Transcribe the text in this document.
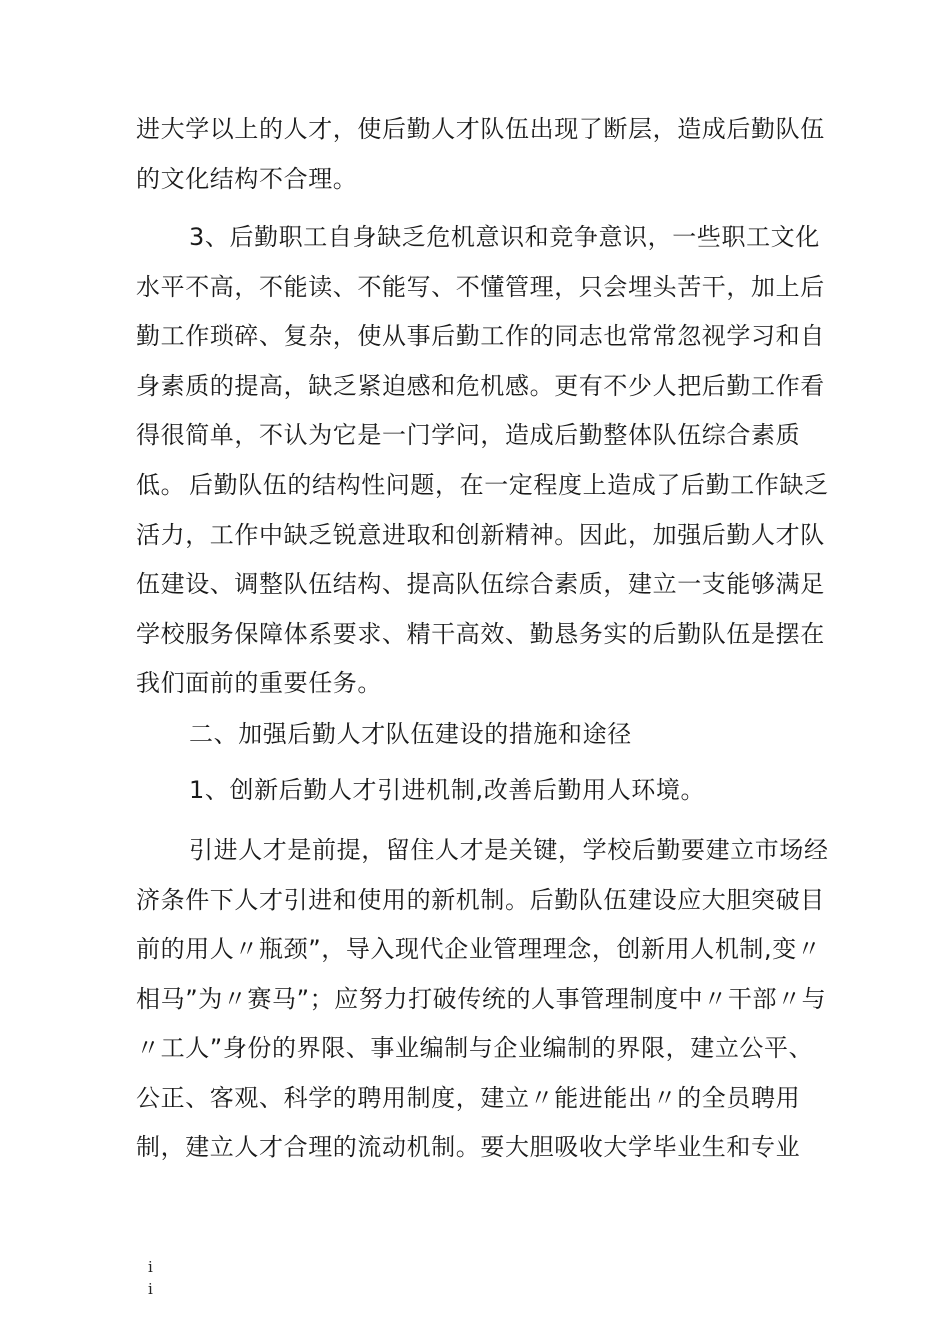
进大学以上的人才，使后勤人才队伍出现了断层，造成后勤队伍的文化结构不合理。

3、后勤职工自身缺乏危机意识和竞争意识，一些职工文化水平不高，不能读、不能写、不懂管理，只会埋头苦干，加上后勤工作琐碎、复杂，使从事后勤工作的同志也常常忽视学习和自身素质的提高，缺乏紧迫感和危机感。更有不少人把后勤工作看得很简单，不认为它是一门学问，造成后勤整体队伍综合素质低。 后勤队伍的结构性问题，在一定程度上造成了后勤工作缺乏活力，工作中缺乏锐意进取和创新精神。因此，加强后勤人才队伍建设、调整队伍结构、提高队伍综合素质，建立一支能够满足学校服务保障体系要求、精干高效、勤恳务实的后勤队伍是摆在我们面前的重要任务。

二、加强后勤人才队伍建设的措施和途径

1、创新后勤人才引进机制,改善后勤用人环境。

引进人才是前提，留住人才是关键，学校后勤要建立市场经济条件下人才引进和使用的新机制。后勤队伍建设应大胆突破目前的用人〃瓶颈”，导入现代企业管理理念，创新用人机制,变〃相马”为〃赛马”；应努力打破传统的人事管理制度中〃干部〃与〃工人”身份的界限、事业编制与企业编制的界限，建立公平、公正、客观、科学的聘用制度，建立〃能进能出〃的全员聘用制，建立人才合理的流动机制。要大胆吸收大学毕业生和专业

i
i
